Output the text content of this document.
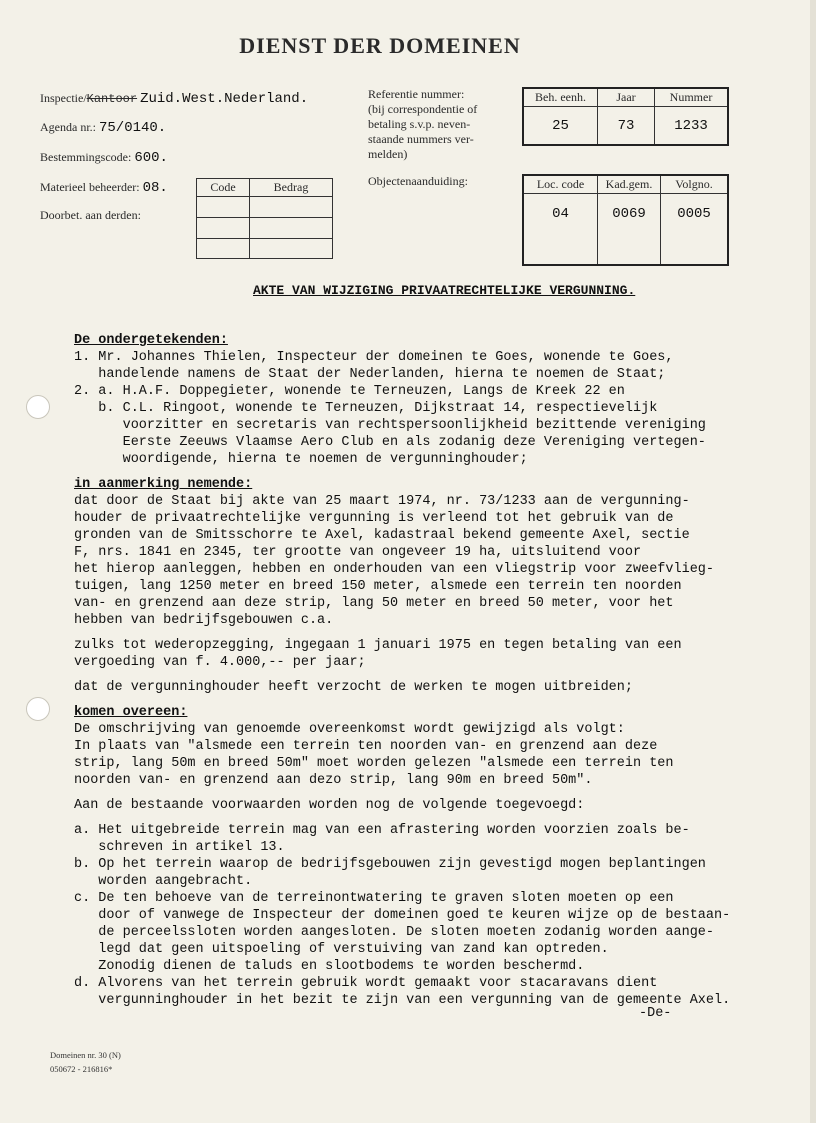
DIENST DER DOMEINEN
Inspectie/Kantoor Zuid.West.Nederland.
Agenda nr.: 75/0140.
Bestemmingscode: 600.
Materieel beheerder: 08.
Doorbet. aan derden:
Code	Bedrag

Referentie nummer:
(bij correspondentie of
betaling s.v.p. neven-
staande nummers ver-
melden)
Beh. eenh.	Jaar	Nummer
25	73	1233
Objectenaanduiding:	Loc. code	Kad.gem.	Volgno.
04	0069	0005
AKTE VAN WIJZIGING PRIVAATRECHTELIJKE VERGUNNING.
De ondergetekenden:
1. Mr. Johannes Thielen, Inspecteur der domeinen te Goes, wonende te Goes,
handelende namens de Staat der Nederlanden, hierna te noemen de Staat;
2. a. H.A.F. Doppegieter, wonende te Terneuzen, Langs de Kreek 22 en
b. C.L. Ringoot, wonende te Terneuzen, Dijkstraat 14, respectievelijk
voorzitter en secretaris van rechtspersoonlijkheid bezittende vereniging
Eerste Zeeuws Vlaamse Aero Club en als zodanig deze Vereniging vertegen-
woordigende, hierna te noemen de vergunninghouder;
in aanmerking nemende:
dat door de Staat bij akte van 25 maart 1974, nr. 73/1233 aan de vergunning-
houder de privaatrechtelijke vergunning is verleend tot het gebruik van de
gronden van de Smitsschorre te Axel, kadastraal bekend gemeente Axel, sectie
F, nrs. 1841 en 2345, ter grootte van ongeveer 19 ha, uitsluitend voor
het hierop aanleggen, hebben en onderhouden van een vliegstrip voor zweefvlieg-
tuigen, lang 1250 meter en breed 150 meter, alsmede een terrein ten noorden
van- en grenzend aan deze strip, lang 50 meter en breed 50 meter, voor het
hebben van bedrijfsgebouwen c.a.
zulks tot wederopzegging, ingegaan 1 januari 1975 en tegen betaling van een
vergoeding van f. 4.000,-- per jaar;
dat de vergunninghouder heeft verzocht de werken te mogen uitbreiden;
komen overeen:
De omschrijving van genoemde overeenkomst wordt gewijzigd als volgt:
In plaats van "alsmede een terrein ten noorden van- en grenzend aan deze
strip, lang 50m en breed 50m" moet worden gelezen "alsmede een terrein ten
noorden van- en grenzend aan dezo strip, lang 90m en breed 50m".
Aan de bestaande voorwaarden worden nog de volgende toegevoegd:
a. Het uitgebreide terrein mag van een afrastering worden voorzien zoals be-
schreven in artikel 13.
b. Op het terrein waarop de bedrijfsgebouwen zijn gevestigd mogen beplantingen
worden aangebracht.
c. De ten behoeve van de terreinontwatering te graven sloten moeten op een
door of vanwege de Inspecteur der domeinen goed te keuren wijze op de bestaan-
de perceelssloten worden aangesloten. De sloten moeten zodanig worden aange-
legd dat geen uitspoeling of verstuiving van zand kan optreden.
Zonodig dienen de taluds en slootbodems te worden beschermd.
d. Alvorens van het terrein gebruik wordt gemaakt voor stacaravans dient
vergunninghouder in het bezit te zijn van een vergunning van de gemeente Axel.
-De-
Domeinen nr. 30 (N)
050672 - 216816*
